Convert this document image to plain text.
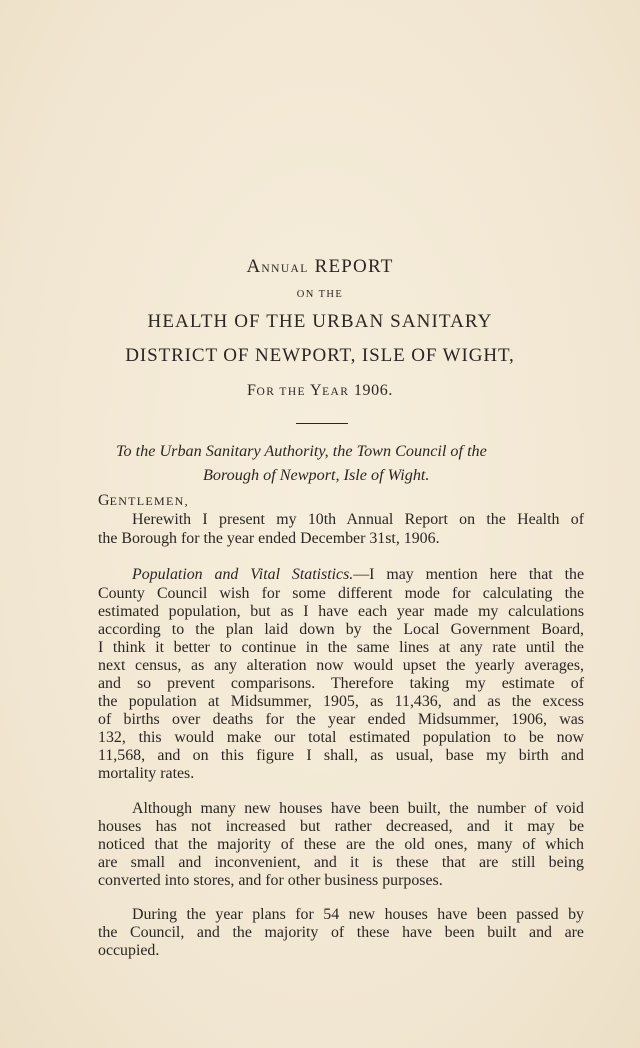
ANNUAL REPORT
ON THE
HEALTH OF THE URBAN SANITARY
DISTRICT OF NEWPORT, ISLE OF WIGHT,
FOR THE YEAR 1906.
To the Urban Sanitary Authority, the Town Council of the
Borough of Newport, Isle of Wight.
GENTLEMEN,
Herewith I present my 10th Annual Report on the Health of
the Borough for the year ended December 31st, 1906.
Population and Vital Statistics.—I may mention here that the
County Council wish for some different mode for calculating the
estimated population, but as I have each year made my calculations
according to the plan laid down by the Local Government Board,
I think it better to continue in the same lines at any rate until the
next census, as any alteration now would upset the yearly averages,
and so prevent comparisons. Therefore taking my estimate of
the population at Midsummer, 1905, as 11,436, and as the excess
of births over deaths for the year ended Midsummer, 1906, was
132, this would make our total estimated population to be now
11,568, and on this figure I shall, as usual, base my birth and
mortality rates.
Although many new houses have been built, the number of void
houses has not increased but rather decreased, and it may be
noticed that the majority of these are the old ones, many of which
are small and inconvenient, and it is these that are still being
converted into stores, and for other business purposes.
During the year plans for 54 new houses have been passed by
the Council, and the majority of these have been built and are
occupied.
